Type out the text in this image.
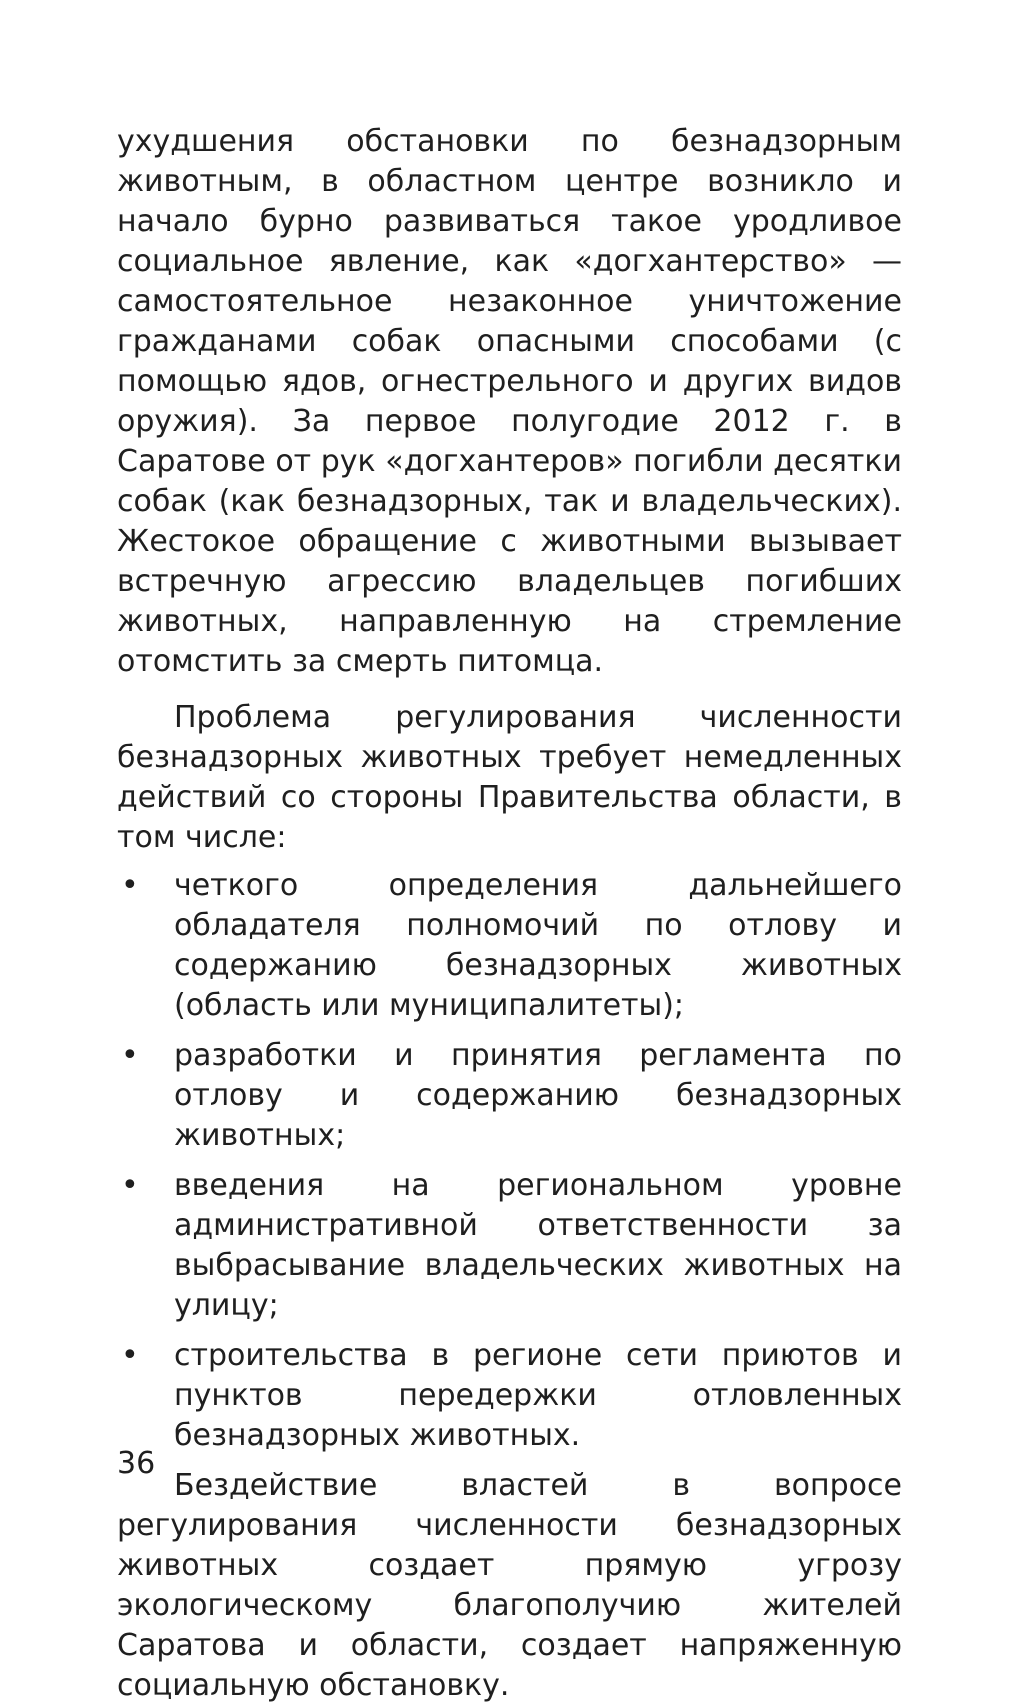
ухудшения обстановки по безнадзорным животным, в областном центре возникло и начало бурно развиваться такое уродливое социальное явление, как «догхантерство» — самостоятельное незаконное уничтожение гражданами собак опасными способами (с помощью ядов, огнестрельного и других видов оружия). За первое полугодие 2012 г. в Саратове от рук «догхантеров» погибли десятки собак (как безнадзорных, так и владельческих). Жестокое обращение с животными вызывает встречную агрессию владельцев погибших животных, направленную на стремление отомстить за смерть питомца.

Проблема регулирования численности безнадзорных животных требует немедленных действий со стороны Правительства области, в том числе:

• четкого определения дальнейшего обладателя полномочий по отлову и содержанию безнадзорных животных (область или муниципалитеты);
• разработки и принятия регламента по отлову и содержанию безнадзорных животных;
• введения на региональном уровне административной ответственности за выбрасывание владельческих животных на улицу;
• строительства в регионе сети приютов и пунктов передержки отловленных безнадзорных животных.

Бездействие властей в вопросе регулирования численности безнадзорных животных создает прямую угрозу экологическому благополучию жителей Саратова и области, создает напряженную социальную обстановку.

36
